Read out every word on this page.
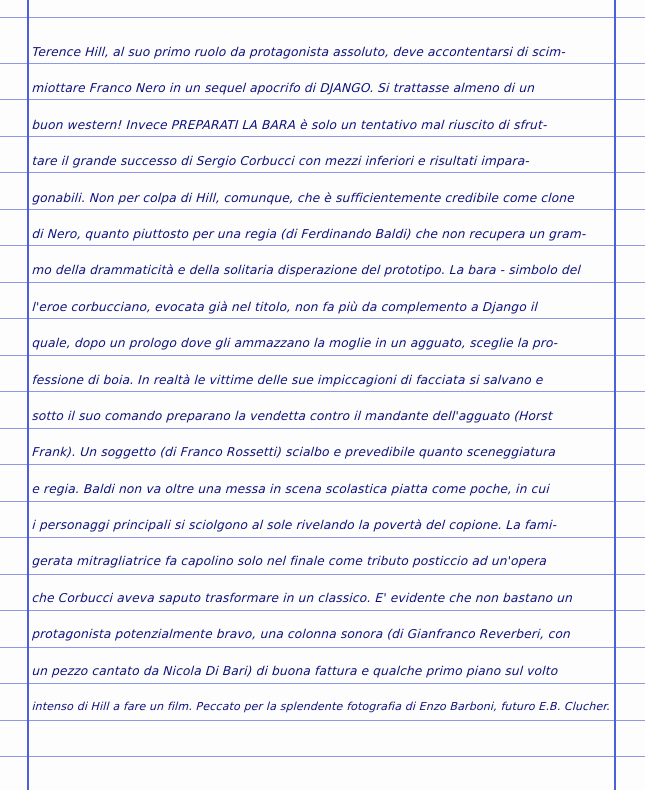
Terence Hill, al suo primo ruolo da protagonista assoluto, deve accontentarsi di scim-
miottare Franco Nero in un sequel apocrifo di DJANGO. Si trattasse almeno di un
buon western! Invece PREPARATI LA BARA è solo un tentativo mal riuscito di sfrut-
tare il grande successo di Sergio Corbucci con mezzi inferiori e risultati impara-
gonabili. Non per colpa di Hill, comunque, che è sufficientemente credibile come clone
di Nero, quanto piuttosto per una regia (di Ferdinando Baldi) che non recupera un gram-
mo della drammaticità e della solitaria disperazione del prototipo. La bara - simbolo del
l'eroe corbucciano, evocata già nel titolo, non fa più da complemento a Django il
quale, dopo un prologo dove gli ammazzano la moglie in un agguato, sceglie la pro-
fessione di boia. In realtà le vittime delle sue impiccagioni di facciata si salvano e
sotto il suo comando preparano la vendetta contro il mandante dell'agguato (Horst
Frank). Un soggetto (di Franco Rossetti) scialbo e prevedibile quanto sceneggiatura
e regia. Baldi non va oltre una messa in scena scolastica piatta come poche, in cui
i personaggi principali si sciolgono al sole rivelando la povertà del copione. La fami-
gerata mitragliatrice fa capolino solo nel finale come tributo posticcio ad un'opera
che Corbucci aveva saputo trasformare in un classico. E' evidente che non bastano un
protagonista potenzialmente bravo, una colonna sonora (di Gianfranco Reverberi, con
un pezzo cantato da Nicola Di Bari) di buona fattura e qualche primo piano sul volto
intenso di Hill a fare un film. Peccato per la splendente fotografia di Enzo Barboni, futuro E.B. Clucher.
